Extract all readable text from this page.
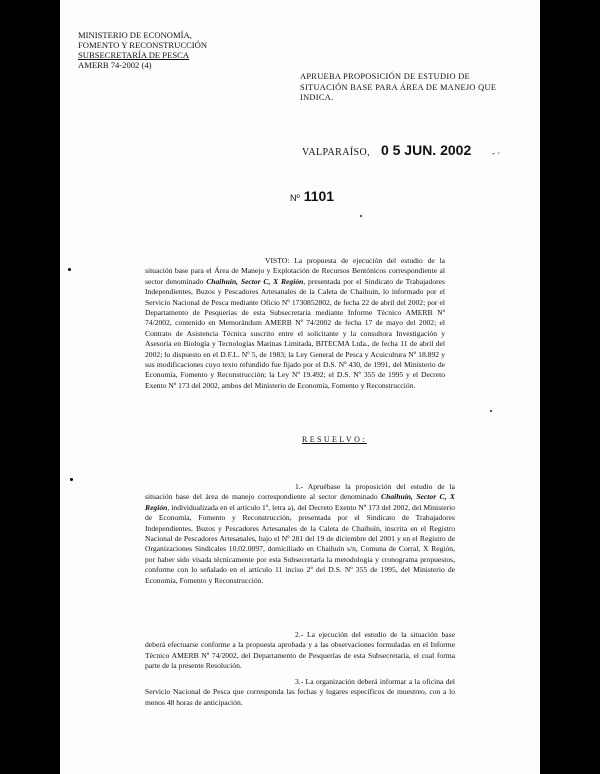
MINISTERIO DE ECONOMÍA,
FOMENTO Y RECONSTRUCCIÓN
SUBSECRETARÍA DE PESCA
AMERB 74-2002 (4)
APRUEBA PROPOSICIÓN DE ESTUDIO DE SITUACIÓN BASE PARA ÁREA DE MANEJO QUE INDICA.
VALPARAÍSO, 0 5 JUN. 2002
Nº 1101
‐ ·
VISTO: La propuesta de ejecución del estudio de la situación base para el Área de Manejo y Explotación de Recursos Bentónicos correspondiente al sector denominado Chaihuín, Sector C, X Región, presentada por el Sindicato de Trabajadores Independientes, Buzos y Pescadores Artesanales de la Caleta de Chaihuín, lo informado por el Servicio Nacional de Pesca mediante Oficio Nº 1730852802, de fecha 22 de abril del 2002; por el Departamento de Pesquerías de esta Subsecretaría mediante Informe Técnico AMERB Nº 74/2002, contenido en Memorándum AMERB Nº 74/2002 de fecha 17 de mayo del 2002; el Contrato de Asistencia Técnica suscrito entre el solicitante y la consultora Investigación y Asesoría en Biología y Tecnologías Marinas Limitada, BITECMA Ltda., de fecha 11 de abril del 2002; lo dispuesto en el D.F.L. Nº 5, de 1983; la Ley General de Pesca y Acuicultura Nº 18.892 y sus modificaciones cuyo texto refundido fue fijado por el D.S. Nº 430, de 1991, del Ministerio de Economía, Fomento y Reconstrucción; la Ley Nº 19.492; el D.S. Nº 355 de 1995 y el Decreto Exento Nº 173 del 2002, ambos del Ministerio de Economía, Fomento y Reconstrucción.
RESUELVO:
1.- Apruébase la proposición del estudio de la situación base del área de manejo correspondiente al sector denominado Chaihuín, Sector C, X Región, individualizada en el artículo 1º, letra a), del Decreto Exento Nº 173 del 2002, del Ministerio de Economía, Fomento y Reconstrucción, presentada por el Sindicato de Trabajadores Independientes, Buzos y Pescadores Artesanales de la Caleta de Chaihuín, inscrita en el Registro Nacional de Pescadores Artesanales, bajo el Nº 281 del 19 de diciembre del 2001 y en el Registro de Organizaciones Sindicales 10.02.0097, domiciliado en Chaihuín s/n, Comuna de Corral, X Región, por haber sido visada técnicamente por esta Subsecretaría la metodología y cronograma propuestos, conforme con lo señalado en el artículo 11 inciso 2º del D.S. Nº 355 de 1995, del Ministerio de Economía, Fomento y Reconstrucción.
2.- La ejecución del estudio de la situación base deberá efectuarse conforme a la propuesta aprobada y a las observaciones formuladas en el Informe Técnico AMERB Nº 74/2002, del Departamento de Pesquerías de esta Subsecretaría, el cual forma parte de la presente Resolución.
3.- La organización deberá informar a la oficina del Servicio Nacional de Pesca que corresponda las fechas y lugares específicos de muestreo, con a lo menos 48 horas de anticipación.
